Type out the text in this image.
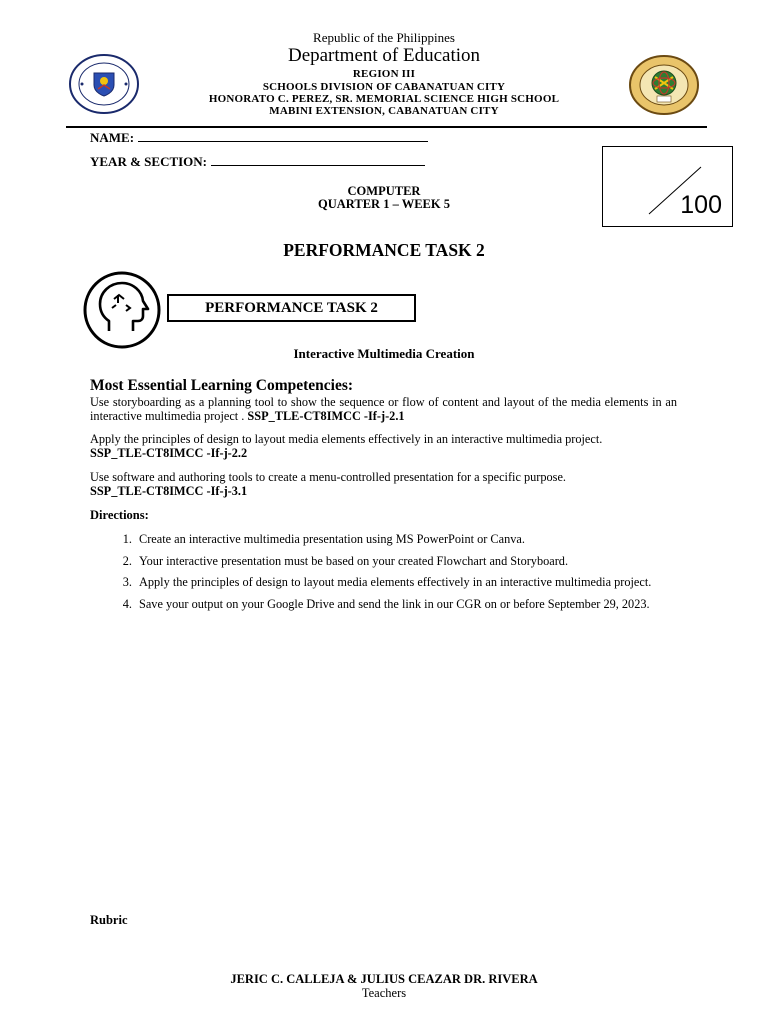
Republic of the Philippines
Department of Education
REGION III
SCHOOLS DIVISION OF CABANATUAN CITY
HONORATO C. PEREZ, SR. MEMORIAL SCIENCE HIGH SCHOOL
MABINI EXTENSION, CABANATUAN CITY
NAME:
YEAR & SECTION:
100
COMPUTER
QUARTER 1 – WEEK 5
PERFORMANCE TASK 2
PERFORMANCE TASK 2
Interactive Multimedia Creation
Most Essential Learning Competencies:
Use storyboarding as a planning tool to show the sequence or flow of content and layout of the media elements in an interactive multimedia project . SSP_TLE-CT8IMCC -If-j-2.1
Apply the principles of design to layout media elements effectively in an interactive multimedia project.
SSP_TLE-CT8IMCC -If-j-2.2
Use software and authoring tools to create a menu-controlled presentation for a specific purpose.
SSP_TLE-CT8IMCC -If-j-3.1
Directions:
1. Create an interactive multimedia presentation using MS PowerPoint or Canva.
2. Your interactive presentation must be based on your created Flowchart and Storyboard.
3. Apply the principles of design to layout media elements effectively in an interactive multimedia project.
4. Save your output on your Google Drive and send the link in our CGR on or before September 29, 2023.
Rubric
JERIC C. CALLEJA & JULIUS CEAZAR DR. RIVERA
Teachers
